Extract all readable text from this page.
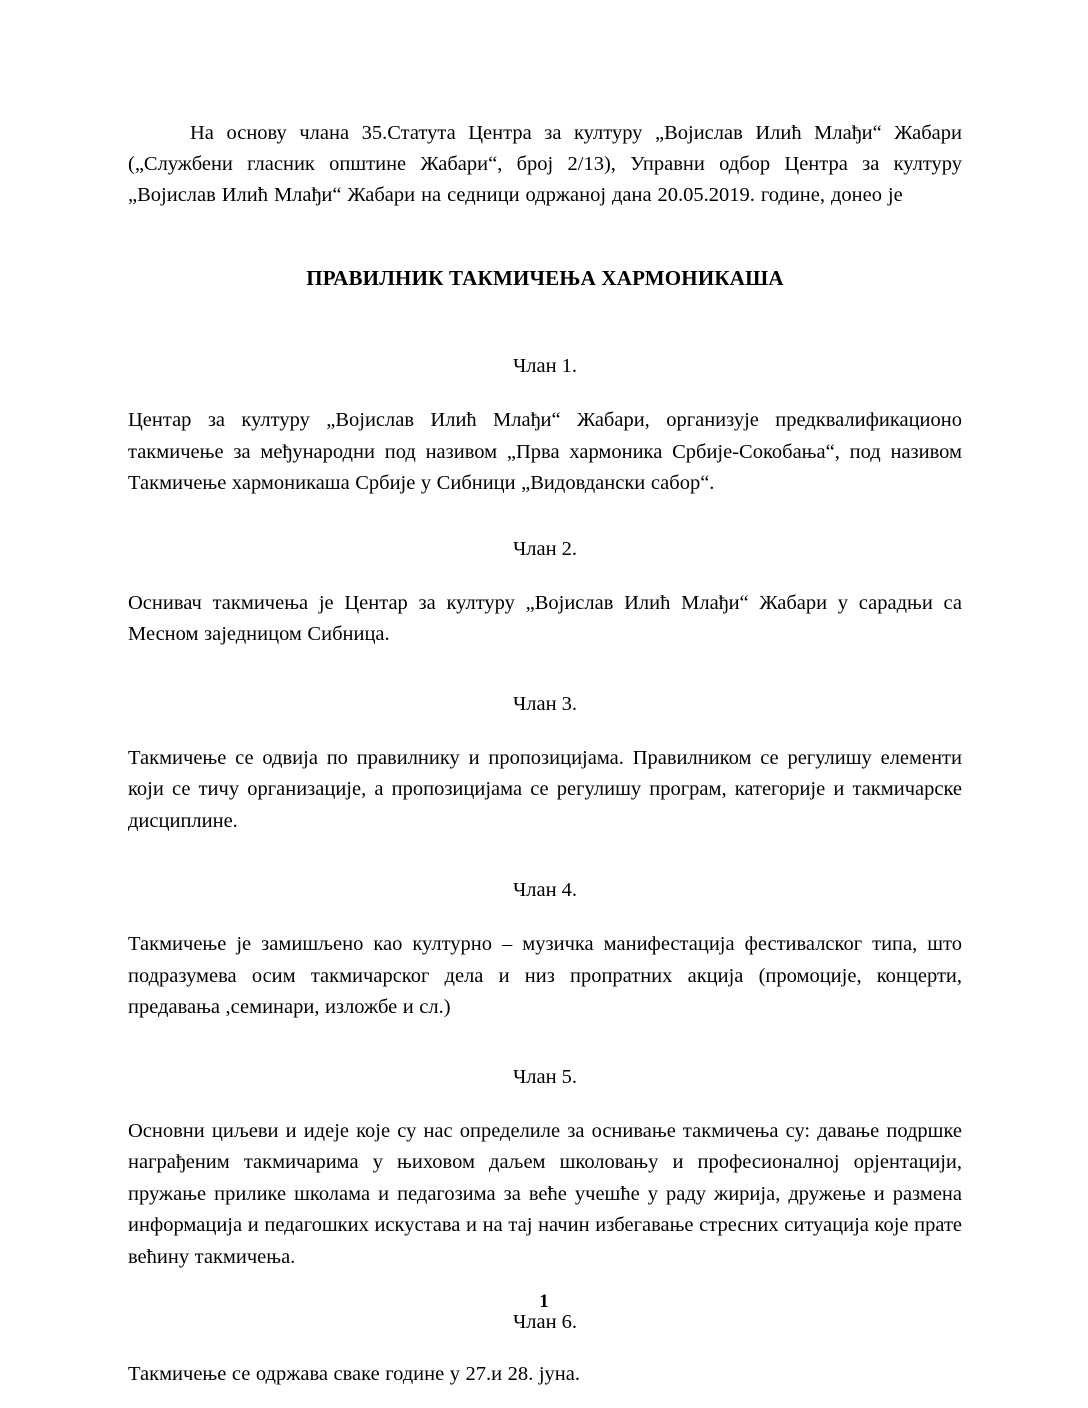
На основу члана 35.Статута Центра за културу „Војислав Илић Млађи“ Жабари („Службени гласник општине Жабари“, број 2/13), Управни одбор Центра за културу „Војислав Илић Млађи“ Жабари на седници одржаној дана 20.05.2019. године, донео је

ПРАВИЛНИК ТАКМИЧЕЊА ХАРМОНИКАША
Члан 1.

Центар за културу „Војислав Илић Млађи“ Жабари, организује предквалификационо такмичење за међународни под називом „Прва хармоника Србије-Сокобања“, под називом Такмичење хармоникаша Србије у Сибници „Видовдански сабор“.

Члан 2.

Оснивач такмичења је Центар за културу „Војислав Илић Млађи“ Жабари у сарадњи са Месном заједницом Сибница.

Члан 3.

Такмичење се одвија по правилнику и пропозицијама. Правилником се регулишу елементи који се тичу организације, а пропозицијама се регулишу програм, категорије и такмичарске дисциплине.

Члан 4.

Такмичење је замишљено као културно – музичка манифестација фестивалског типа, што подразумева осим такмичарског дела и низ пропратних акција (промоције, концерти, предавања ,семинари, изложбе и сл.)

Члан 5.

Основни циљеви и идеје које су нас определиле за оснивање такмичења су: давање подршке награђеним такмичарима у њиховом даљем школовању и професионалној орјентацији, пружање прилике школама и педагозима за веће учешће у раду жирија, дружење и размена информација и педагошких искустава и на тај начин избегавање стресних ситуација које прате већину такмичења.

Члан 6.

Такмичење се одржава сваке године у 27.и 28. јуна.

1
